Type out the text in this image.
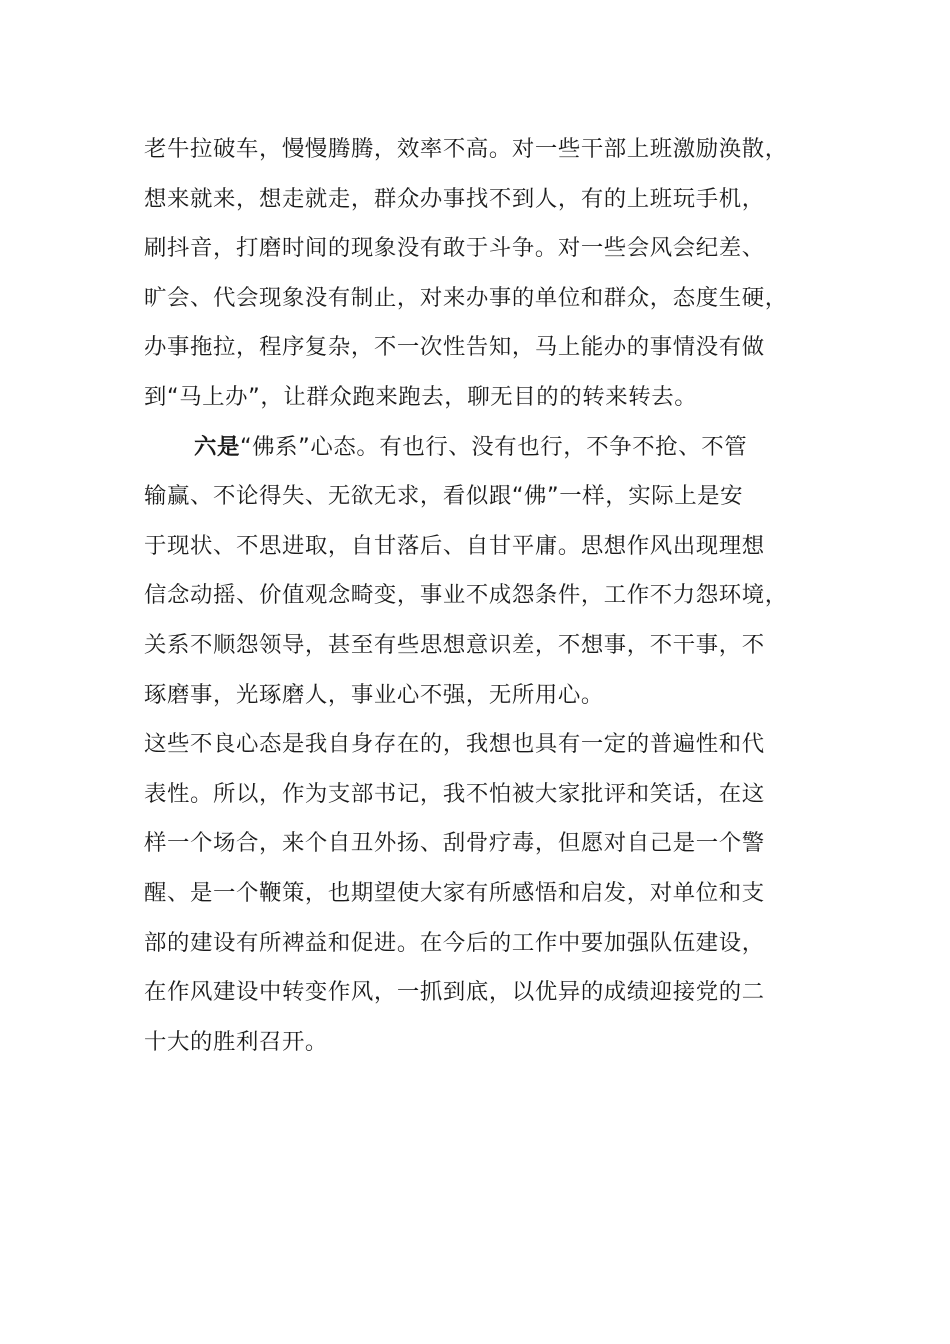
老牛拉破车，慢慢腾腾，效率不高。对一些干部上班激励涣散，
想来就来，想走就走，群众办事找不到人，有的上班玩手机，
刷抖音，打磨时间的现象没有敢于斗争。对一些会风会纪差、
旷会、代会现象没有制止，对来办事的单位和群众，态度生硬，
办事拖拉，程序复杂，不一次性告知，马上能办的事情没有做
到“马上办”，让群众跑来跑去，聊无目的的转来转去。
六是“佛系”心态。有也行、没有也行，不争不抢、不管
输赢、不论得失、无欲无求，看似跟“佛”一样，实际上是安
于现状、不思进取，自甘落后、自甘平庸。思想作风出现理想
信念动摇、价值观念畸变，事业不成怨条件，工作不力怨环境，
关系不顺怨领导，甚至有些思想意识差，不想事，不干事，不
琢磨事，光琢磨人，事业心不强，无所用心。
这些不良心态是我自身存在的，我想也具有一定的普遍性和代
表性。所以，作为支部书记，我不怕被大家批评和笑话，在这
样一个场合，来个自丑外扬、刮骨疗毒，但愿对自己是一个警
醒、是一个鞭策，也期望使大家有所感悟和启发，对单位和支
部的建设有所裨益和促进。在今后的工作中要加强队伍建设，
在作风建设中转变作风，一抓到底，以优异的成绩迎接党的二
十大的胜利召开。
